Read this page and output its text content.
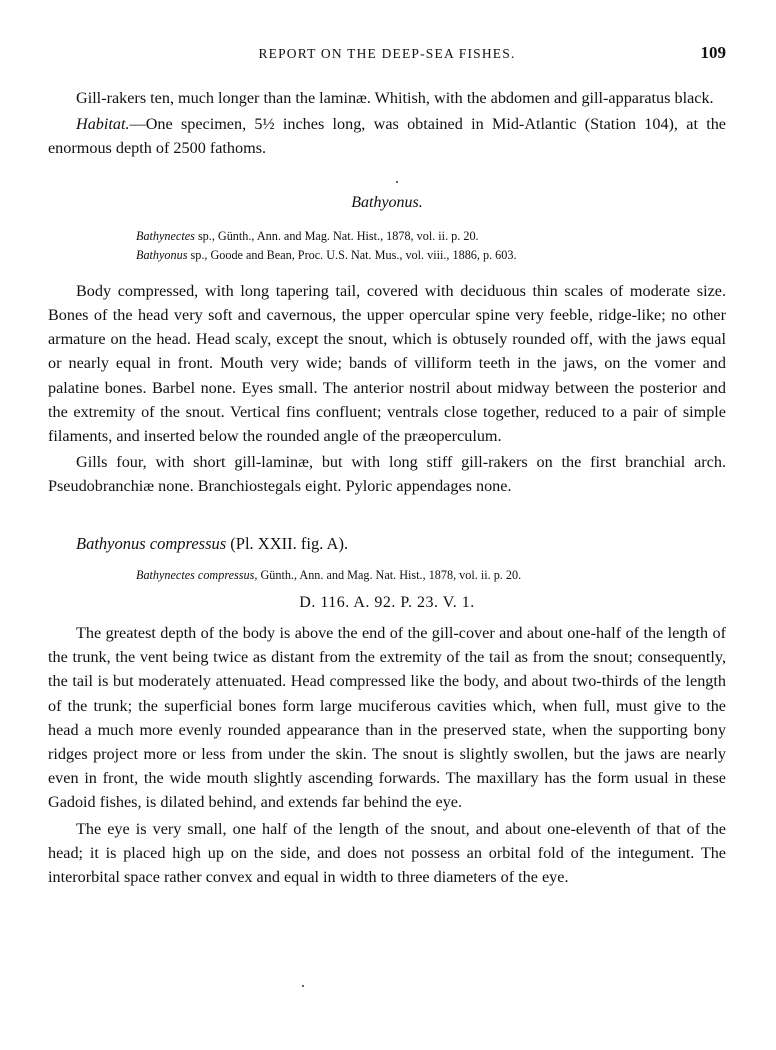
REPORT ON THE DEEP-SEA FISHES.	109

Gill-rakers ten, much longer than the laminæ. Whitish, with the abdomen and gill-apparatus black.

Habitat.—One specimen, 5½ inches long, was obtained in Mid-Atlantic (Station 104), at the enormous depth of 2500 fathoms.

Bathyonus.

Bathynectes sp., Günth., Ann. and Mag. Nat. Hist., 1878, vol. ii. p. 20.

Bathyonus sp., Goode and Bean, Proc. U.S. Nat. Mus., vol. viii., 1886, p. 603.

Body compressed, with long tapering tail, covered with deciduous thin scales of moderate size. Bones of the head very soft and cavernous, the upper opercular spine very feeble, ridge-like; no other armature on the head. Head scaly, except the snout, which is obtusely rounded off, with the jaws equal or nearly equal in front. Mouth very wide; bands of villiform teeth in the jaws, on the vomer and palatine bones. Barbel none. Eyes small. The anterior nostril about midway between the posterior and the extremity of the snout. Vertical fins confluent; ventrals close together, reduced to a pair of simple filaments, and inserted below the rounded angle of the præoperculum.

Gills four, with short gill-laminæ, but with long stiff gill-rakers on the first branchial arch. Pseudobranchiæ none. Branchiostegals eight. Pyloric appendages none.

Bathyonus compressus (Pl. XXII. fig. A).

Bathynectes compressus, Günth., Ann. and Mag. Nat. Hist., 1878, vol. ii. p. 20.

D. 116. A. 92. P. 23. V. 1.

The greatest depth of the body is above the end of the gill-cover and about one-half of the length of the trunk, the vent being twice as distant from the extremity of the tail as from the snout; consequently, the tail is but moderately attenuated. Head compressed like the body, and about two-thirds of the length of the trunk; the superficial bones form large muciferous cavities which, when full, must give to the head a much more evenly rounded appearance than in the preserved state, when the supporting bony ridges project more or less from under the skin. The snout is slightly swollen, but the jaws are nearly even in front, the wide mouth slightly ascending forwards. The maxillary has the form usual in these Gadoid fishes, is dilated behind, and extends far behind the eye.

The eye is very small, one half of the length of the snout, and about one-eleventh of that of the head; it is placed high up on the side, and does not possess an orbital fold of the integument. The interorbital space rather convex and equal in width to three diameters of the eye.
